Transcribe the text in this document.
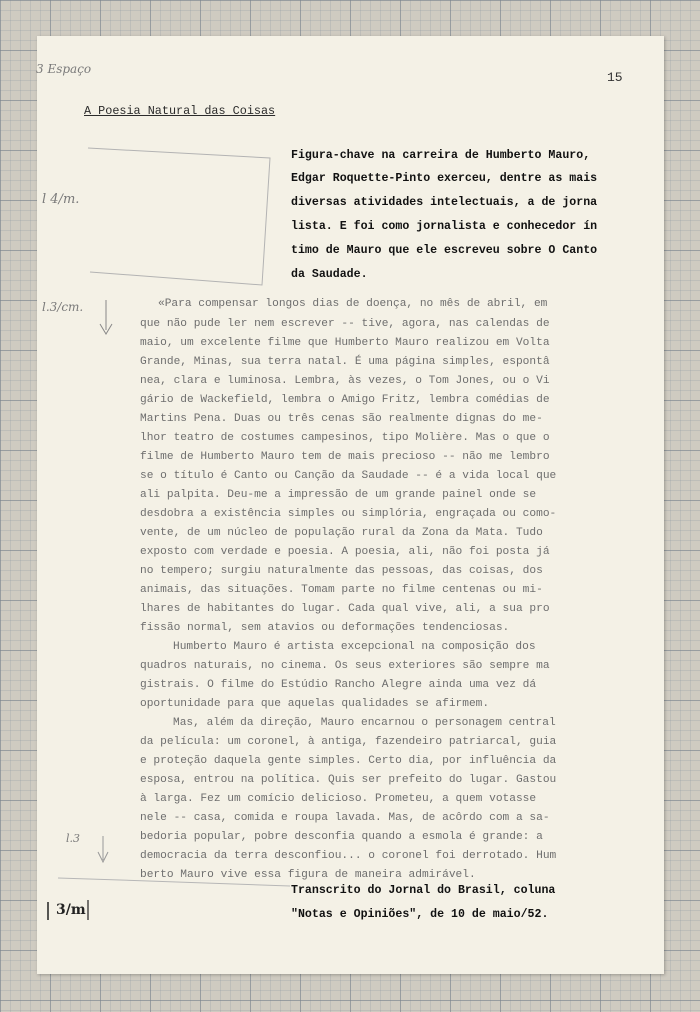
3 Espaço
l 4/m.
l.3/cm.
l.3
3/m
15
A Poesia Natural das Coisas
Figura-chave na carreira de Humberto Mauro,
Edgar Roquette-Pinto exerceu, dentre as mais
diversas atividades intelectuais, a de jorna
lista. E foi como jornalista e conhecedor ín
timo de Mauro que ele escreveu sobre O Canto
da Saudade.
«Para compensar longos dias de doença, no mês de abril, em
que não pude ler nem escrever -- tive, agora, nas calendas de
maio, um excelente filme que Humberto Mauro realizou em Volta
Grande, Minas, sua terra natal. É uma página simples, espontâ
nea, clara e luminosa. Lembra, às vezes, o Tom Jones, ou o Vi
gário de Wackefield, lembra o Amigo Fritz, lembra comédias de
Martins Pena. Duas ou três cenas são realmente dignas do me-
lhor teatro de costumes campesinos, tipo Molière. Mas o que o
filme de Humberto Mauro tem de mais precioso -- não me lembro
se o título é Canto ou Canção da Saudade -- é a vida local que
ali palpita. Deu-me a impressão de um grande painel onde se
desdobra a existência simples ou simplória, engraçada ou como-
vente, de um núcleo de população rural da Zona da Mata. Tudo
exposto com verdade e poesia. A poesia, ali, não foi posta já
no tempero; surgiu naturalmente das pessoas, das coisas, dos
animais, das situações. Tomam parte no filme centenas ou mi-
lhares de habitantes do lugar. Cada qual vive, ali, a sua pro
fissão normal, sem atavios ou deformações tendenciosas.
Humberto Mauro é artista excepcional na composição dos
quadros naturais, no cinema. Os seus exteriores são sempre ma
gistrais. O filme do Estúdio Rancho Alegre ainda uma vez dá
oportunidade para que aquelas qualidades se afirmem.
Mas, além da direção, Mauro encarnou o personagem central
da película: um coronel, à antiga, fazendeiro patriarcal, guia
e proteção daquela gente simples. Certo dia, por influência da
esposa, entrou na política. Quis ser prefeito do lugar. Gastou
à larga. Fez um comício delicioso. Prometeu, a quem votasse
nele -- casa, comida e roupa lavada. Mas, de acôrdo com a sa-
bedoria popular, pobre desconfia quando a esmola é grande: a
democracia da terra desconfiou... o coronel foi derrotado. Hum
berto Mauro vive essa figura de maneira admirável.
Transcrito do Jornal do Brasil, coluna
"Notas e Opiniões", de 10 de maio/52.
